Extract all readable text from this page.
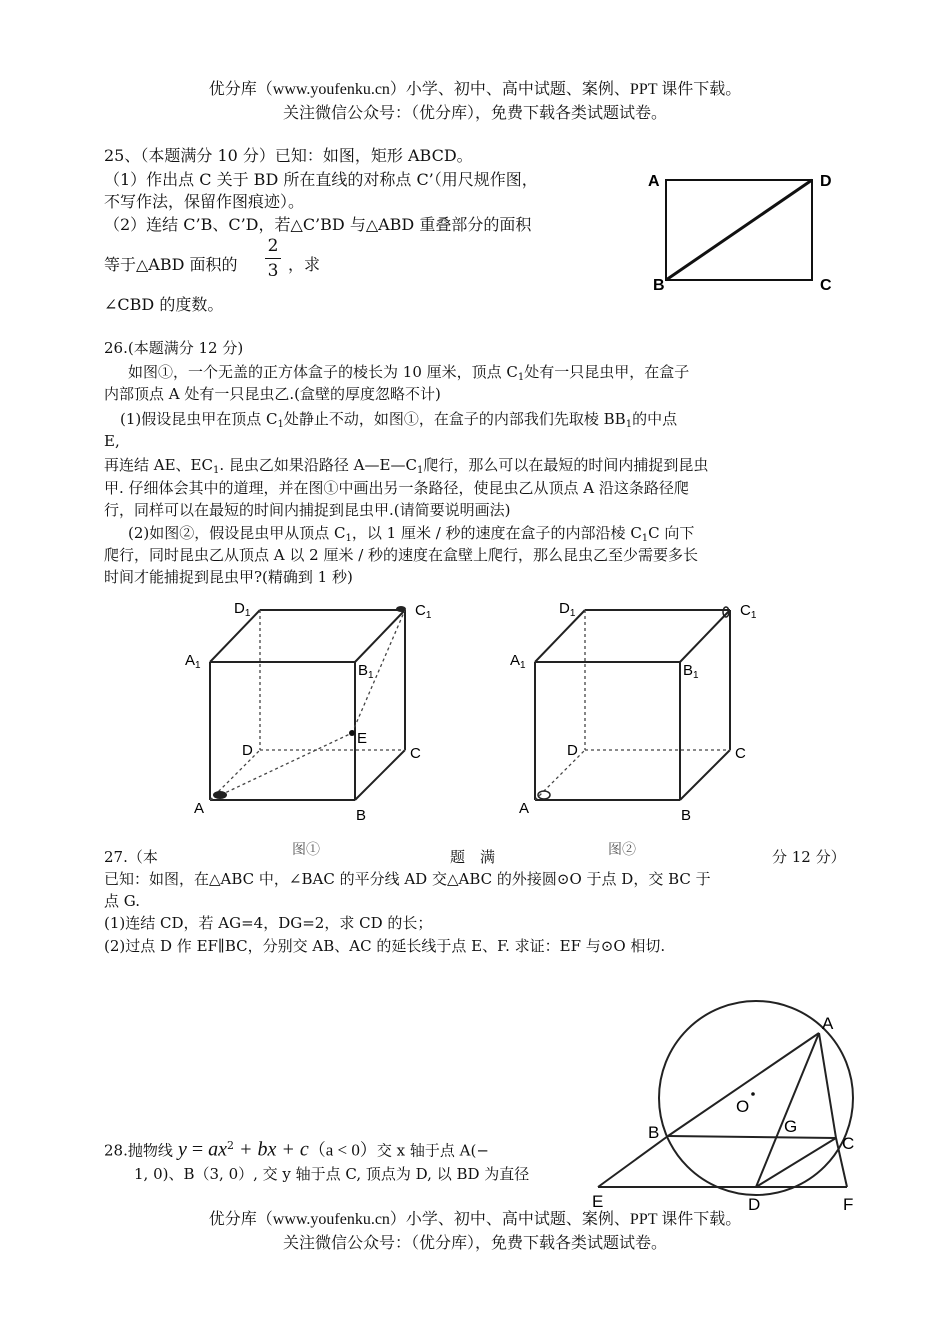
优分库（www.youfenku.cn）小学、初中、高中试题、案例、PPT 课件下载。
关注微信公众号：（优分库），免费下载各类试题试卷。
25、（本题满分 10 分）已知：如图，矩形 ABCD。
（1）作出点 C 关于 BD 所在直线的对称点 C’（用尺规作图，
不写作法，保留作图痕迹）。
（2）连结 C’B、C’D，若△C’BD 与△ABD 重叠部分的面积
等于△ABD 面积的
2
3 ，求
∠CBD 的度数。
A	D
B	C
26.(本题满分 12 分)
如图①，一个无盖的正方体盒子的棱长为 10 厘米，顶点 $C_1$处有一只昆虫甲，在盒子
内部顶点 A 处有一只昆虫乙.(盒壁的厚度忽略不计)
(1)假设昆虫甲在顶点 $C_1$处静止不动，如图①，在盒子的内部我们先取棱 $BB_1$的中点
E,
再连结 AE、$EC_1$. 昆虫乙如果沿路径 $A—E—C_1$爬行，那么可以在最短的时间内捕捉到昆虫
甲. 仔细体会其中的道理，并在图①中画出另一条路径，使昆虫乙从顶点 A 沿这条路径爬
行，同样可以在最短的时间内捕捉到昆虫甲.(请简要说明画法)
(2)如图②，假设昆虫甲从顶点 $C_1$，以 1 厘米 / 秒的速度在盒子的内部沿棱 $C_1C$ 向下
爬行，同时昆虫乙从顶点 A 以 2 厘米 / 秒的速度在盒壁上爬行，那么昆虫乙至少需要多长
时间才能捕捉到昆虫甲?(精确到 1 秒)
$D_1$	$C_1$
$A_1$	$B_1$
E
D	C
A	B
$D_1$	$C_1$
$A_1$	$B_1$
D	C
A	B
27.（本	图①	题　满	图②	分 12 分）
已知：如图，在△ABC 中，∠BAC 的平分线 AD 交△ABC 的外接圆⊙O 于点 D，交 BC 于
点 G.
(1)连结 CD，若 AG=4，DG=2，求 CD 的长；
(2)过点 D 作 EF∥BC，分别交 AB、AC 的延长线于点 E、F. 求证：EF 与⊙O 相切.
A
O
B	G
C
E	D	F
28.抛物线 $y = ax^2$ + bx + c（a < 0）交 x 轴于点 A(−
1, 0)、B（3, 0）, 交 y 轴于点 C, 顶点为 D, 以 BD 为直径
优分库（www.youfenku.cn）小学、初中、高中试题、案例、PPT 课件下载。
关注微信公众号：（优分库），免费下载各类试题试卷。
